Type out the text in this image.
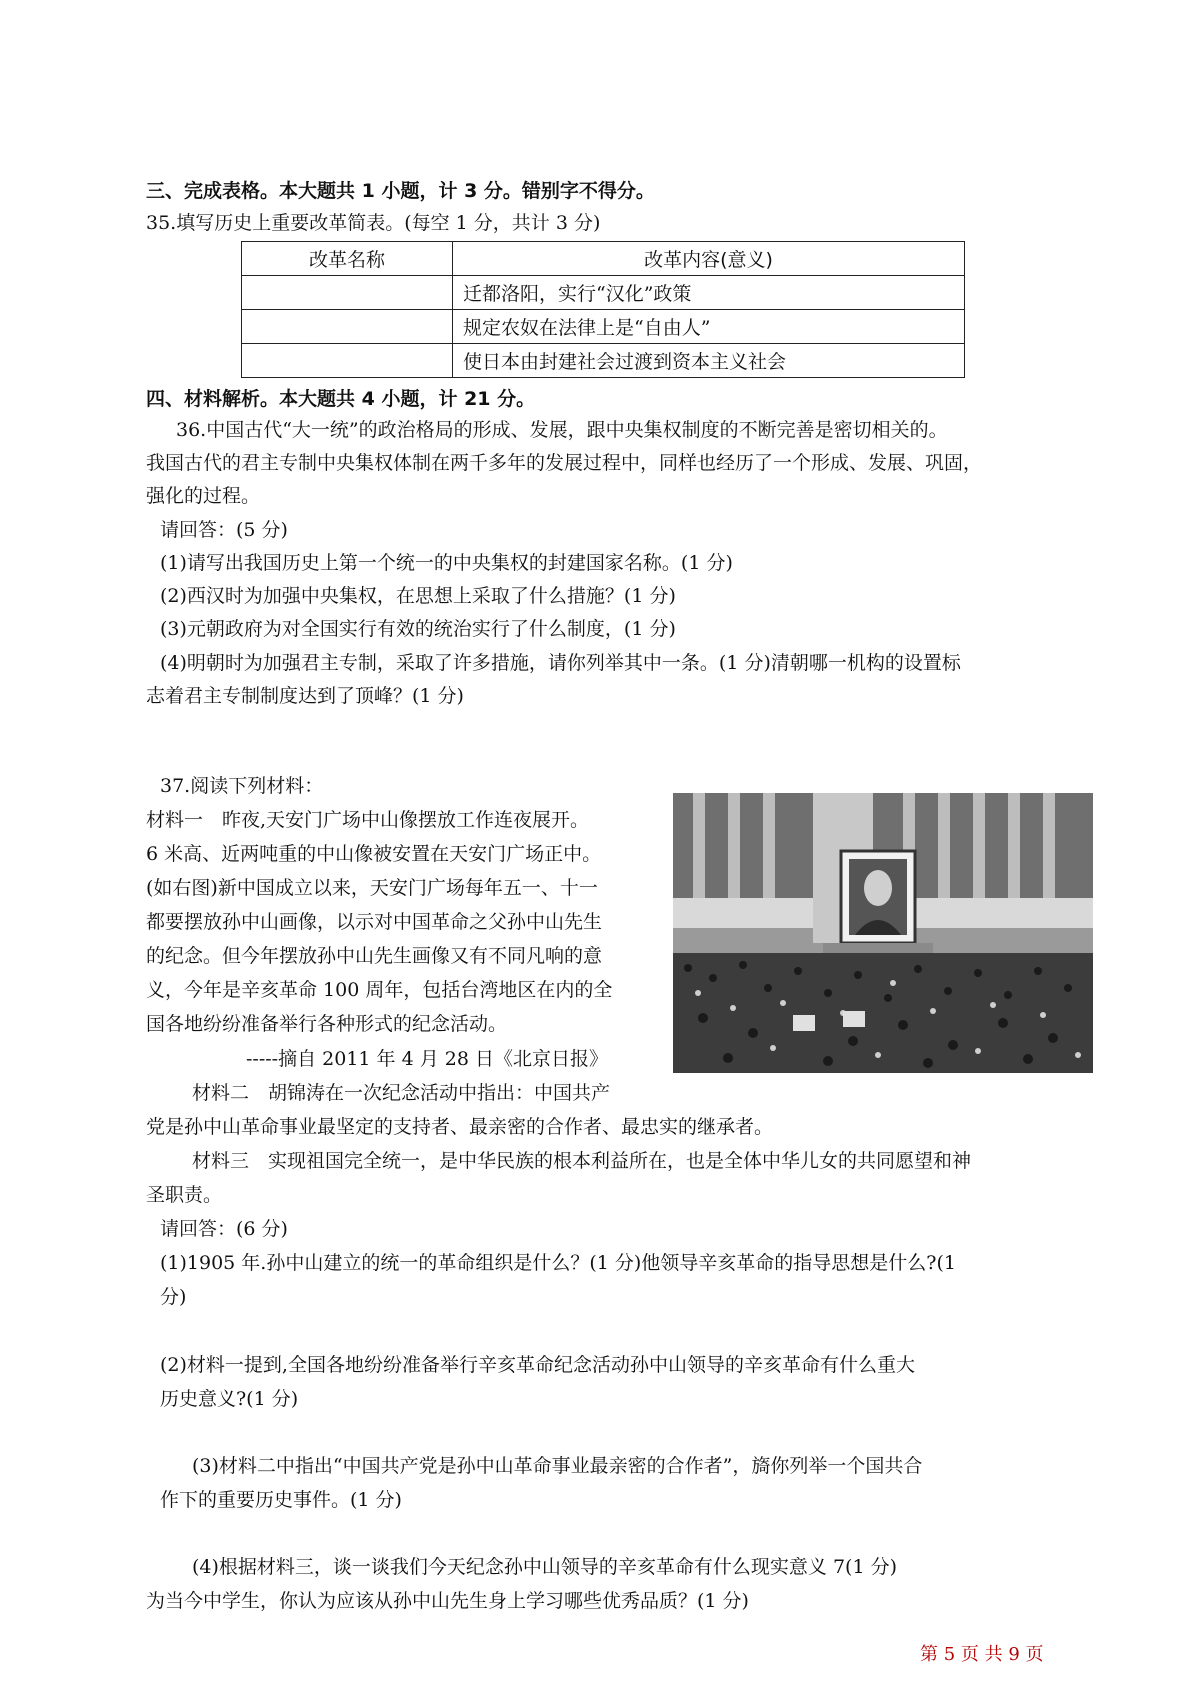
三、完成表格。本大题共 1 小题，计 3 分。错别字不得分。
35.填写历史上重要改革简表。(每空 1 分，共计 3 分)
改革名称	改革内容(意义)
	迁都洛阳，实行“汉化”政策
	规定农奴在法律上是“自由人”
	使日本由封建社会过渡到资本主义社会
四、材料解析。本大题共 4 小题，计 21 分。
36.中国古代“大一统”的政治格局的形成、发展，跟中央集权制度的不断完善是密切相关的。
我国古代的君主专制中央集权体制在两千多年的发展过程中，同样也经历了一个形成、发展、巩固，
强化的过程。
请回答：(5 分)
(1)请写出我国历史上第一个统一的中央集权的封建国家名称。(1 分)
(2)西汉时为加强中央集权，在思想上采取了什么措施？(1 分)
(3)元朝政府为对全国实行有效的统治实行了什么制度，(1 分)
(4)明朝时为加强君主专制，采取了许多措施，请你列举其中一条。(1 分)清朝哪一机构的设置标
志着君主专制制度达到了顶峰？(1 分)
37.阅读下列材料：
材料一　昨夜,天安门广场中山像摆放工作连夜展开。
6 米高、近两吨重的中山像被安置在天安门广场正中。
(如右图)新中国成立以来，天安门广场每年五一、十一
都要摆放孙中山画像，以示对中国革命之父孙中山先生
的纪念。但今年摆放孙中山先生画像又有不同凡响的意
义，今年是辛亥革命 100 周年，包括台湾地区在内的全
国各地纷纷准备举行各种形式的纪念活动。
-----摘自 2011 年 4 月 28 日《北京日报》
材料二　胡锦涛在一次纪念活动中指出：中国共产
党是孙中山革命事业最坚定的支持者、最亲密的合作者、最忠实的继承者。
材料三　实现祖国完全统一，是中华民族的根本利益所在，也是全体中华儿女的共同愿望和神
圣职责。
请回答：(6 分)
(1)1905 年.孙中山建立的统一的革命组织是什么？(1 分)他领导辛亥革命的指导思想是什么?(1
分)
(2)材料一提到,全国各地纷纷准备举行辛亥革命纪念活动孙中山领导的辛亥革命有什么重大
历史意义?(1 分)
(3)材料二中指出“中国共产党是孙中山革命事业最亲密的合作者”，旖你列举一个国共合
作下的重要历史事件。(1 分)
(4)根据材料三，谈一谈我们今天纪念孙中山领导的辛亥革命有什么现实意义 7(1 分)
为当今中学生，你认为应该从孙中山先生身上学习哪些优秀品质？(1 分)
第 5 页 共 9 页
